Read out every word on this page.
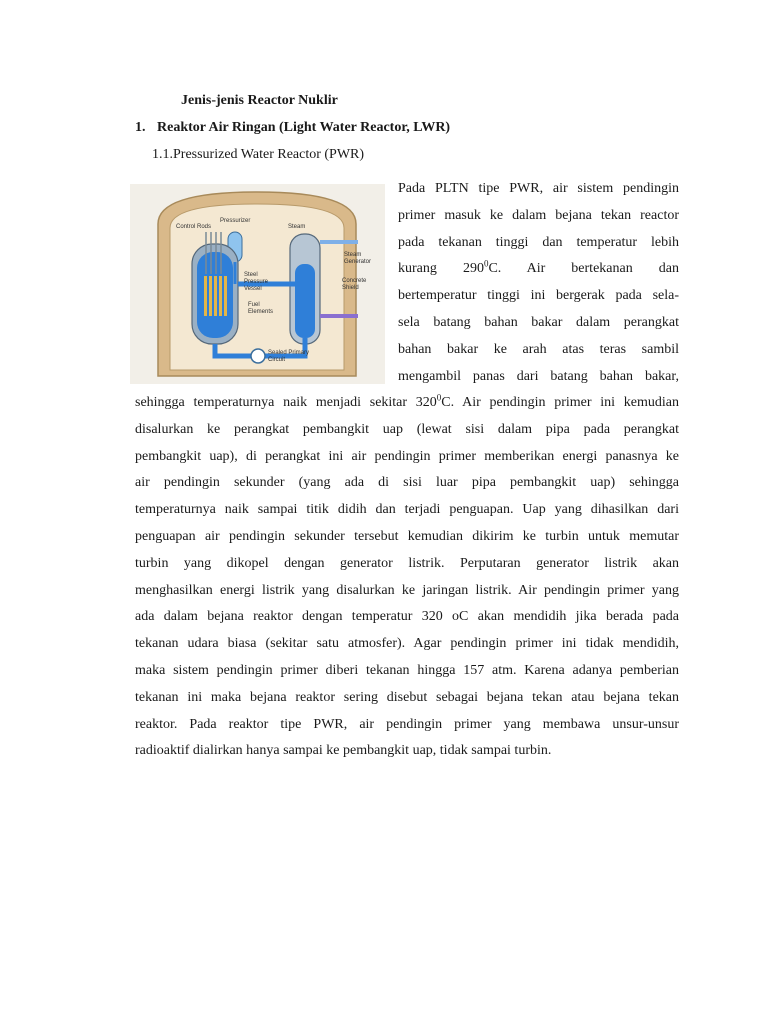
Jenis-jenis Reactor Nuklir
1. Reaktor Air Ringan (Light Water Reactor, LWR)
1.1.Pressurized Water Reactor (PWR)
Pressurizer
Control Rods	Steam
Steam
Generator
Steel
Pressure
Vessel
Concrete
Shield
Fuel
Elements
Sealed Primary
Circuit
Pada PLTN tipe PWR, air sistem pendingin
primer masuk ke dalam bejana tekan reactor
pada tekanan tinggi dan temperatur lebih
kurang $290^0C$. Air bertekanan dan
bertemperatur tinggi ini bergerak pada sela-
sela batang bahan bakar dalam perangkat
bahan bakar ke arah atas teras sambil
mengambil panas dari batang bahan bakar,
sehingga temperaturnya naik menjadi sekitar $320^0C$. Air pendingin primer ini kemudian
disalurkan ke perangkat pembangkit uap (lewat sisi dalam pipa pada perangkat
pembangkit uap), di perangkat ini air pendingin primer memberikan energi panasnya ke
air pendingin sekunder (yang ada di sisi luar pipa pembangkit uap) sehingga
temperaturnya naik sampai titik didih dan terjadi penguapan. Uap yang dihasilkan dari
penguapan air pendingin sekunder tersebut kemudian dikirim ke turbin untuk memutar
turbin yang dikopel dengan generator listrik. Perputaran generator listrik akan
menghasilkan energi listrik yang disalurkan ke jaringan listrik. Air pendingin primer yang
ada dalam bejana reaktor dengan temperatur 320 oC akan mendidih jika berada pada
tekanan udara biasa (sekitar satu atmosfer). Agar pendingin primer ini tidak mendidih,
maka sistem pendingin primer diberi tekanan hingga 157 atm. Karena adanya pemberian
tekanan ini maka bejana reaktor sering disebut sebagai bejana tekan atau bejana tekan
reaktor. Pada reaktor tipe PWR, air pendingin primer yang membawa unsur-unsur
radioaktif dialirkan hanya sampai ke pembangkit uap, tidak sampai turbin.
